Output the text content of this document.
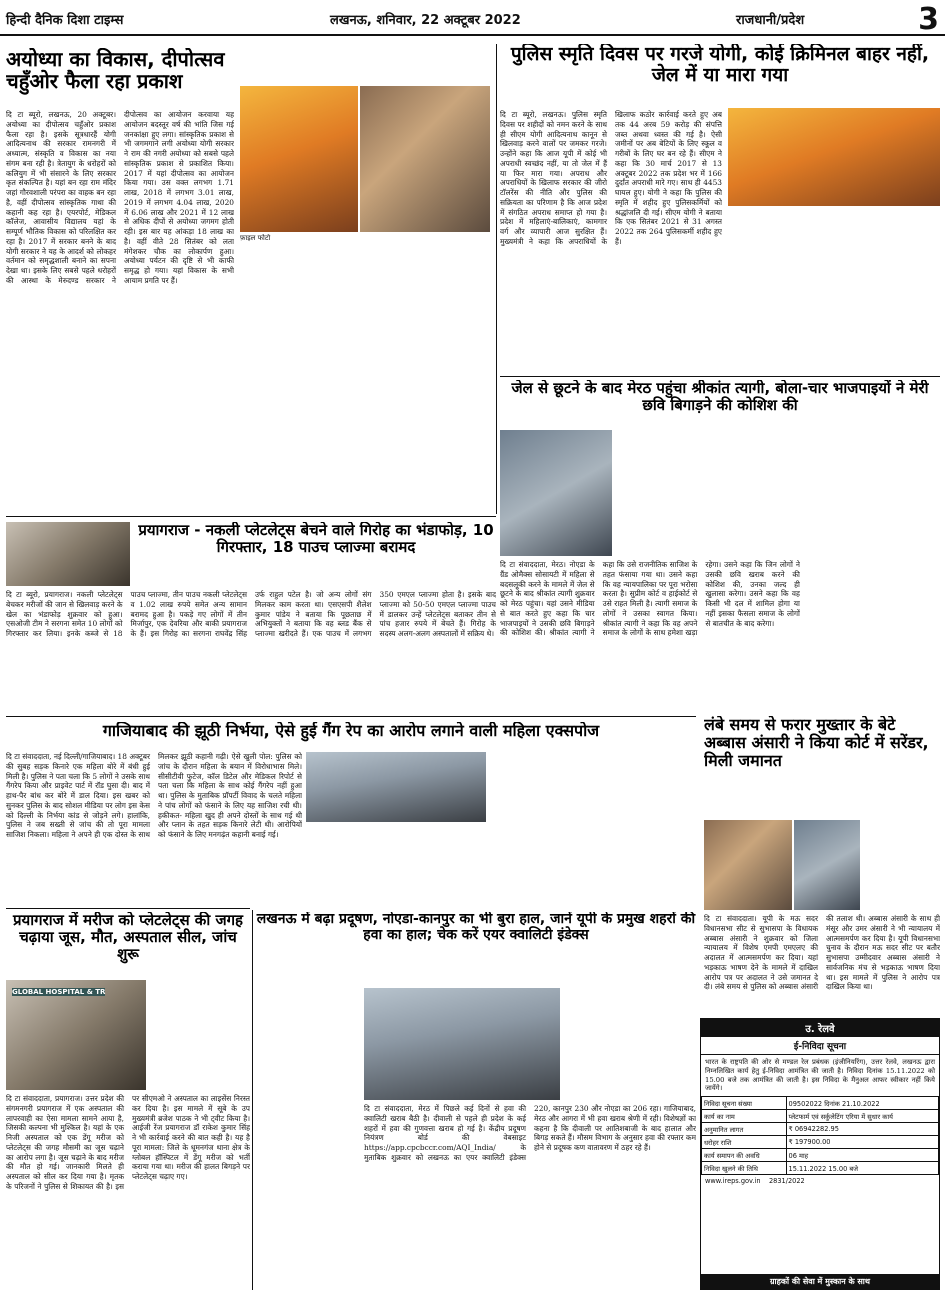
हिन्दी दैनिक दिशा टाइम्स	लखनऊ, शनिवार, 22 अक्टूबर 2022	राजधानी/प्रदेश	3
अयोध्या का विकास, दीपोत्सव चहुँओर फैला रहा प्रकाश
दि टा ब्यूरो, लखनऊ, 20 अक्टूबर। अयोध्या का दीपोत्सव चहुँओर प्रकाश फैला रहा है। इसके सूत्रधारहैं योगी आदित्यनाथ की सरकार रामनगरी में अध्यात्म, संस्कृति व विकास का नया संगम बना रही है। त्रेतायुग के धरोहरों को कलियुग में भी संसारने के लिए सरकार कृत संकल्पित है। यहां बन रहा राम मंदिर जहां गौरवशाली परंपरा का वाहक बन रहा है, वहीं दीपोत्सव सांस्कृतिक गाथा की कहानी कह रहा है। एयरपोर्ट, मेडिकल कॉलेज, आवासीय विद्यालय यहां के सम्पूर्ण भौतिक विकास को परिलक्षित कर रहा है। 2017 में सरकार बनने के बाद योगी सरकार ने यह के आदर्श को लोकहर वर्तमान को समृद्धशाली बनाने का सपना देखा था। इसके लिए सबसे पहले धरोहरों की आस्था के मेरुदण्ड सरकार ने दीपोत्सव का आयोजन करवाया यह आयोजन बदस्तूर वर्ष की भांति जिस गई जनकांक्षा हुए लगा। सांस्कृतिक प्रकाश से भी जगमगाने लगी अयोध्या योगी सरकार ने राम की नगरी अयोध्या को सबसे पहले सांस्कृतिक प्रकाश से प्रकाशित किया। 2017 में यहां दीपोत्सव का आयोजन किया गया। उस वक्त लगभग 1.71 लाख, 2018 में लगभग 3.01 लाख, 2019 में लगभग 4.04 लाख, 2020 में 6.06 लाख और 2021 में 12 लाख से अधिक दीपों से अयोध्या जगमग होती रही। इस बार यह आंकड़ा 18 लाख का है। वहीं वीते 28 सितंबर को लता मंगेशकर चौक का लोकार्पण हुआ। अयोध्या पर्यटन की दृष्टि से भी काफी समृद्ध हो गया। यहां विकास के सभी आयाम प्रगति पर हैं।
फ़ाइल फोटो
पुलिस स्मृति दिवस पर गरजे योगी, कोई क्रिमिनल बाहर नहीं, जेल में या मारा गया
दि टा ब्यूरो, लखनऊ। पुलिस स्मृति दिवस पर शहीदों को नमन करने के साथ ही सीएम योगी आदित्यनाथ कानून से खिलवाड़ करने वालों पर जमकर गरजे। उन्होंने कहा कि आज यूपी में कोई भी अपराधी स्वच्छंद नहीं, या तो जेल में हैं या फिर मारा गया। अपराध और अपराधियों के खिलाफ सरकार की जीरो टॉलरेंस की नीति और पुलिस की सक्रियता का परिणाम है कि आज प्रदेश में संगठित अपराध समाप्त हो गया है। प्रदेश में महिलाएं-बालिकाएं, कामगार वर्ग और व्यापारी आज सुरक्षित हैं। मुख्यमंत्री ने कहा कि अपराधियों के खिलाफ कठोर कार्रवाई करते हुए अब तक 44 अरब 59 करोड़ की संपत्ति जब्त अथवा ध्वस्त की गई है। ऐसी जमीनों पर अब बेटियों के लिए स्कूल व गरीबों के लिए घर बन रहे हैं। सीएम ने कहा कि 30 मार्च 2017 से 13 अक्टूबर 2022 तक प्रदेश भर में 166 दुर्दांत अपराधी मारे गए। साथ ही 4453 घायल हुए। योगी ने कहा कि पुलिस की स्मृति में शहीद हुए पुलिसकर्मियों को श्रद्धांजलि दी गई। सीएम योगी ने बताया कि एक सितंबर 2021 से 31 अगस्त 2022 तक 264 पुलिसकर्मी शहीद हुए हैं।
जेल से छूटने के बाद मेरठ पहुंचा श्रीकांत त्यागी, बोला-चार भाजपाइयों ने मेरी छवि बिगाड़ने की कोशिश की
दि टा संवाददाता, मेरठ। नोएडा के ग्रैंड ओमैक्स सोसायटी में महिला से बदसलूकी करने के मामले में जेल से छूटने के बाद श्रीकांत त्यागी शुक्रवार को मेरठ पहुंचा। यहां उसने मीडिया से बात करते हुए कहा कि चार भाजपाइयों ने उसकी छवि बिगाड़ने की कोशिश की। श्रीकांत त्यागी ने कहा कि उसे राजनीतिक साजिश के तहत फंसाया गया था। उसने कहा कि वह न्यायपालिका पर पूरा भरोसा करता है। सुप्रीम कोर्ट व हाईकोर्ट से उसे राहत मिली है। त्यागी समाज के लोगों ने उसका स्वागत किया। श्रीकांत त्यागी ने कहा कि वह अपने समाज के लोगों के साथ हमेशा खड़ा रहेगा। उसने कहा कि जिन लोगों ने उसकी छवि खराब करने की कोशिश की, उनका जल्द ही खुलासा करेगा। उसने कहा कि वह किसी भी दल में शामिल होगा या नहीं इसका फैसला समाज के लोगों से बातचीत के बाद करेगा।
प्रयागराज - नकली प्लेटलेट्स बेचने वाले गिरोह का भंडाफोड़, 10 गिरफ्तार, 18 पाउच प्लाज्मा बरामद
दि टा ब्यूरो, प्रयागराज। नकली प्लेटलेट्स बेचकर मरीजों की जान से खिलवाड़ करने के खेल का भंडाफोड़ शुक्रवार को हुआ। एसओजी टीम ने सरगना समेत 10 लोगों को गिरफ्तार कर लिया। इनके कब्जे से 18 पाउच प्लाज्मा, तीन पाउच नकली प्लेटलेट्स व 1.02 लाख रुपये समेत अन्य सामान बरामद हुआ है। पकड़े गए लोगों में तीन मिर्जापुर, एक देवरिया और बाकी प्रयागराज के हैं। इस गिरोह का सरगना राघवेंद्र सिंह उर्फ राहुल पटेल है। जो अन्य लोगों संग मिलकर काम करता था। एसएसपी शैलेश कुमार पांडेय ने बताया कि पूछताछ में अभियुक्तों ने बताया कि वह ब्लड बैंक से प्लाज्मा खरीदते हैं। एक पाउच में लगभग 350 एमएल प्लाज्मा होता है। इसके बाद प्लाज्मा को 50-50 एमएल प्लाज्मा पाउच में डालकर उन्हें प्लेटलेट्स बताकर तीन से पांच हजार रुपये में बेचते हैं। गिरोह के सदस्य अलग-अलग अस्पतालों में सक्रिय थे।
गाजियाबाद की झूठी निर्भया, ऐसे हुई गैंग रेप का आरोप लगाने वाली महिला एक्सपोज
दि टा संवाददाता, नई दिल्ली/गाजियाबाद। 18 अक्टूबर की सुबह सड़क किनारे एक महिला बोरे में बंधी हुई मिली है। पुलिस ने पता चला कि 5 लोगों ने उसके साथ गैंगरेप किया और प्राइवेट पार्ट में रॉड घुसा दी। बाद में हाथ-पैर बांध कर बोरे में डाल दिया। इस खबर को सुनकर पुलिस के बाद सोशल मीडिया पर लोग इस केस को दिल्ली के निर्भया कांड से जोड़ने लगे। हालांकि, पुलिस ने जब सख्ती से जांच की तो पूरा मामला साजिश निकला। महिला ने अपने ही एक दोस्त के साथ मिलकर झूठी कहानी गढ़ी। ऐसे खुली पोल: पुलिस को जांच के दौरान महिला के बयान में विरोधाभास मिले। सीसीटीवी फुटेज, कॉल डिटेल और मेडिकल रिपोर्ट से पता चला कि महिला के साथ कोई गैंगरेप नहीं हुआ था। पुलिस के मुताबिक प्रॉपर्टी विवाद के चलते महिला ने पांच लोगों को फंसाने के लिए यह साजिश रची थी। हकीकत- महिला खुद ही अपने दोस्तों के साथ गई थी और प्लान के तहत सड़क किनारे लेटी थी। आरोपियों को फंसाने के लिए मनगढ़ंत कहानी बनाई गई।
लंबे समय से फरार मुख्तार के बेटे अब्बास अंसारी ने किया कोर्ट में सरेंडर, मिली जमानत
दि टा संवाददाता। यूपी के मऊ सदर विधानसभा सीट से सुभासपा के विधायक अब्बास अंसारी ने शुक्रवार को जिला न्यायालय में विशेष एमपी एमएलए की अदालत में आत्मसमर्पण कर दिया। यहां भड़काऊ भाषण देने के मामले में दाखिल आरोप पत्र पर अदालत ने उसे जमानत दे दी। लंबे समय से पुलिस को अब्बास अंसारी की तलाश थी। अब्बास अंसारी के साथ ही मंसूर और उमर अंसारी ने भी न्यायालय में आत्मसमर्पण कर दिया है। यूपी विधानसभा चुनाव के दौरान मऊ सदर सीट पर बतौर सुभासपा उम्मीदवार अब्बास अंसारी ने सार्वजनिक मंच से भड़काऊ भाषण दिया था। इस मामले में पुलिस ने आरोप पत्र दाखिल किया था।
प्रयागराज में मरीज को प्लेटलेट्स की जगह चढ़ाया जूस, मौत, अस्पताल सील, जांच शुरू
GLOBAL HOSPITAL & TR
दि टा संवाददाता, प्रयागराज। उत्तर प्रदेश की संगमनगरी प्रयागराज में एक अस्पताल की लापरवाही का ऐसा मामला सामने आया है, जिसकी कल्पना भी मुश्किल है। यहां के एक निजी अस्पताल को एक डेंगू मरीज को प्लेटलेट्स की जगह मौसमी का जूस चढ़ाने का आरोप लगा है। जूस चढ़ाने के बाद मरीज की मौत हो गई। जानकारी मिलते ही अस्पताल को सील कर दिया गया है। मृतक के परिजनों ने पुलिस से शिकायत की है। इस पर सीएमओ ने अस्पताल का लाइसेंस निरस्त कर दिया है। इस मामले में सूबे के उप मुख्यमंत्री ब्रजेश पाठक ने भी ट्वीट किया है। आईजी रेंज प्रयागराज डॉ राकेश कुमार सिंह ने भी कार्रवाई करने की बात कही है। यह है पूरा मामला: जिले के धूमनगंज थाना क्षेत्र के ग्लोबल हॉस्पिटल में डेंगू मरीज को भर्ती कराया गया था। मरीज की हालत बिगड़ने पर प्लेटलेट्स चढ़ाए गए।
लखनऊ में बढ़ा प्रदूषण, नोएडा-कानपुर का भी बुरा हाल, जानें यूपी के प्रमुख शहरों की हवा का हाल; चेक करें एयर क्वालिटी इंडेक्स
दि टा संवाददाता, मेरठ में पिछले कई दिनों से हवा की क्वालिटी खराब बैठी है। दीवाली से पहले ही प्रदेश के कई शहरों में हवा की गुणवत्ता खराब हो गई है। केंद्रीय प्रदूषण नियंत्रण बोर्ड की वेबसाइट https://app.cpcbccr.com/AQI_India/ के मुताबिक शुक्रवार को लखनऊ का एयर क्वालिटी इंडेक्स 220, कानपुर 230 और नोएडा का 206 रहा। गाजियाबाद, मेरठ और आगरा में भी हवा खराब श्रेणी में रही। विशेषज्ञों का कहना है कि दीवाली पर आतिशबाजी के बाद हालात और बिगड़ सकते हैं। मौसम विभाग के अनुसार हवा की रफ्तार कम होने से प्रदूषक कण वातावरण में ठहर रहे हैं।
उ. रेलवे
ई-निविदा सूचना
भारत के राष्ट्रपति की ओर से मण्डल रेल प्रबंधक (इंजीनियरिंग), उत्तर रेलवे, लखनऊ द्वारा निम्नलिखित कार्य हेतु ई-निविदा आमंत्रित की जाती है। निविदा दिनांक 15.11.2022 को 15.00 बजे तक आमंत्रित की जाती है। इस निविदा के मैनुअल आफर स्वीकार नहीं किये जायेंगे।
निविदा सूचना संख्या	09502022 दिनांक 21.10.2022
कार्य का नाम	प्लेटफार्म एवं सर्कुलेटिंग एरिया में सुधार कार्य
अनुमानित लागत	₹ 06942282.95
धरोहर राशि	₹ 197900.00
कार्य समापन की अवधि	06 माह
निविदा खुलने की तिथि	15.11.2022 15.00 बजे
www.ireps.gov.in 2831/2022
ग्राहकों की सेवा में मुस्कान के साथ
